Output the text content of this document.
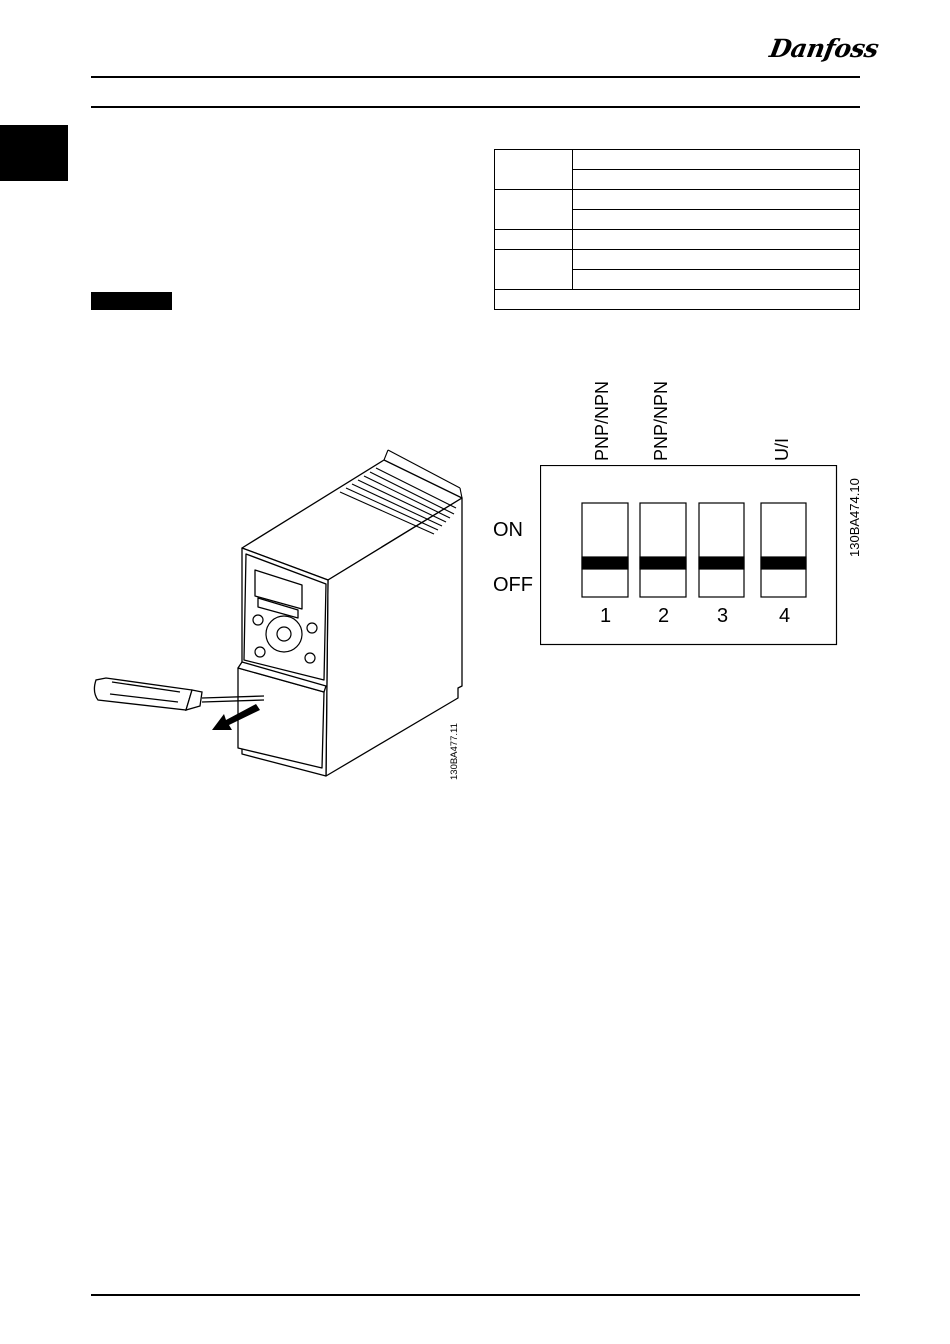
Danfoss

130BA477.11
PNP/NPN PNP/NPN	U/I
ON
OFF
1 2 3	4
130BA474.10
